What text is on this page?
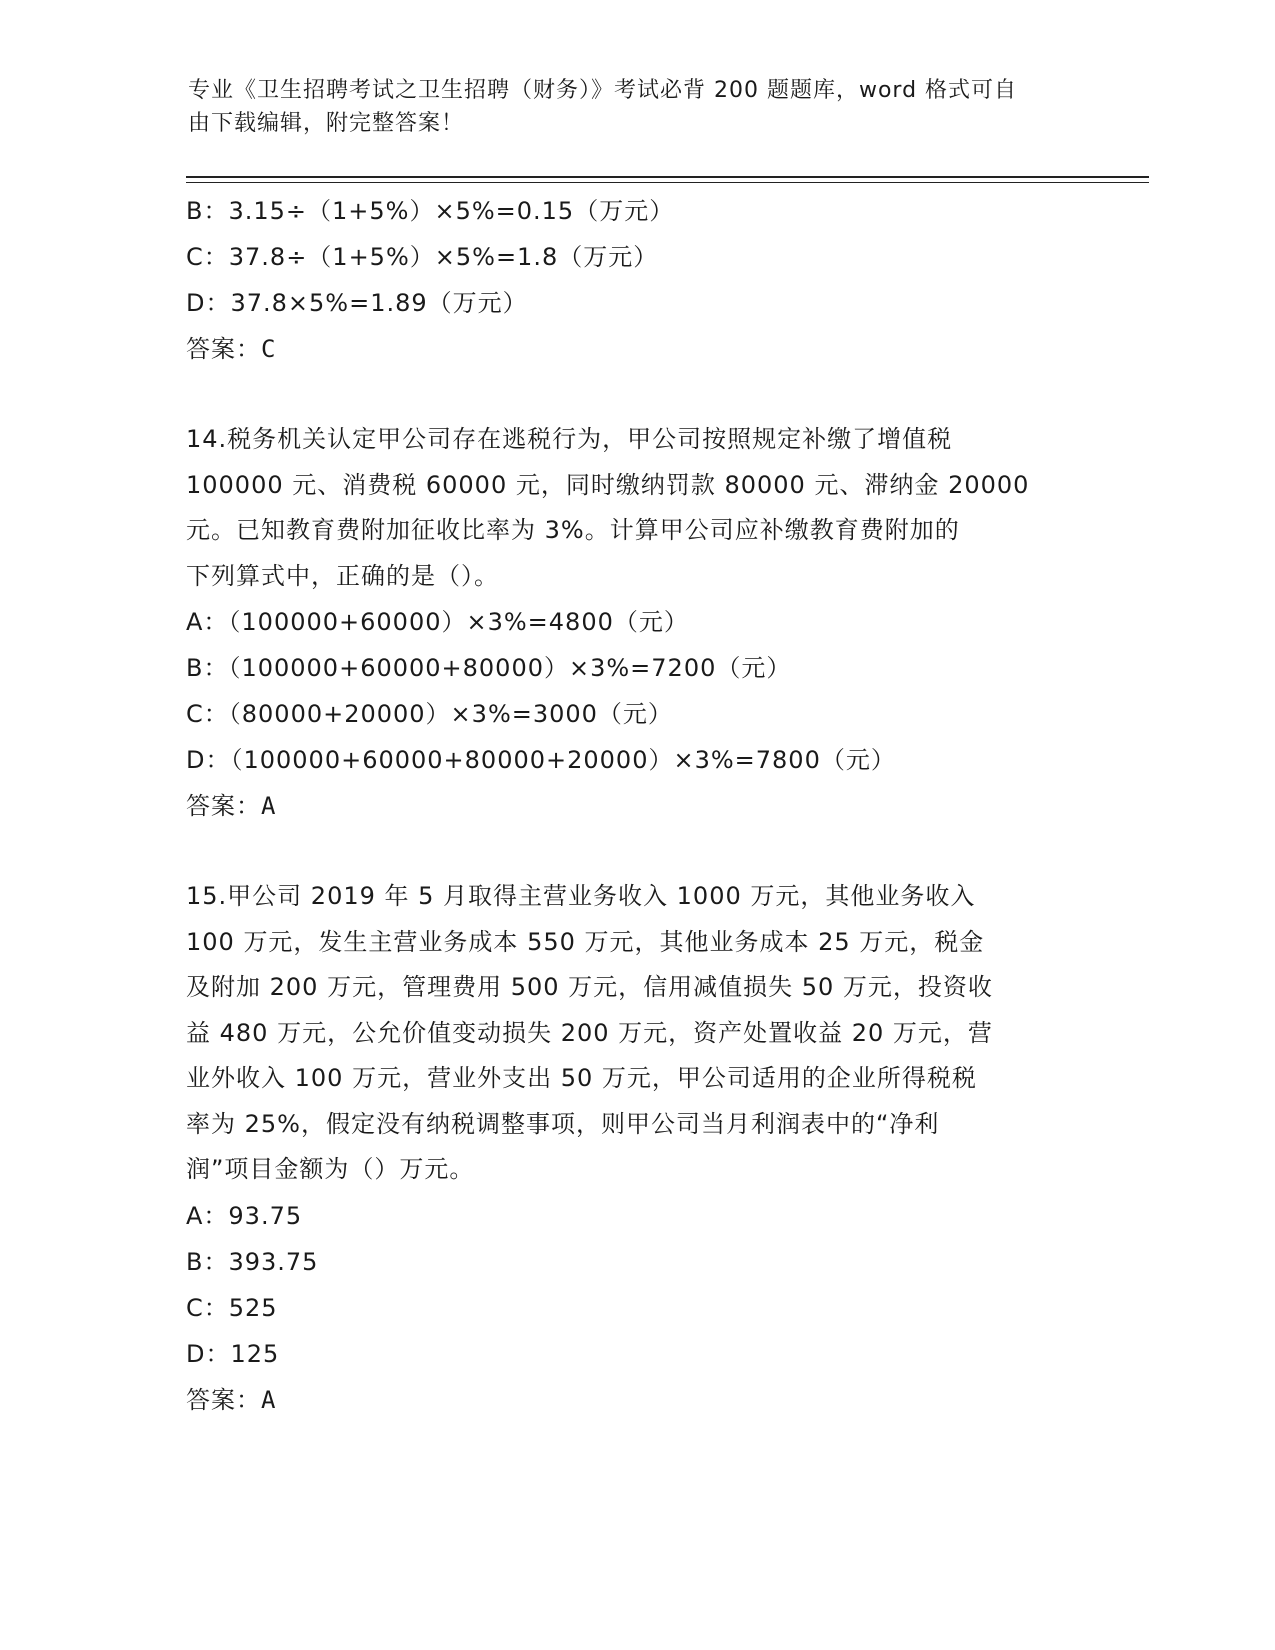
专业《卫生招聘考试之卫生招聘（财务）》考试必背 200 题题库，word 格式可自
由下载编辑，附完整答案！
B：3.15÷（1+5%）×5%=0.15（万元）
C：37.8÷（1+5%）×5%=1.8（万元）
D：37.8×5%=1.89（万元）
答案：C
14.税务机关认定甲公司存在逃税行为，甲公司按照规定补缴了增值税
100000 元、消费税 60000 元，同时缴纳罚款 80000 元、滞纳金 20000
元。已知教育费附加征收比率为 3%。计算甲公司应补缴教育费附加的
下列算式中，正确的是（）。
A：（100000+60000）×3%=4800（元）
B：（100000+60000+80000）×3%=7200（元）
C：（80000+20000）×3%=3000（元）
D：（100000+60000+80000+20000）×3%=7800（元）
答案：A
15.甲公司 2019 年 5 月取得主营业务收入 1000 万元，其他业务收入
100 万元，发生主营业务成本 550 万元，其他业务成本 25 万元，税金
及附加 200 万元，管理费用 500 万元，信用减值损失 50 万元，投资收
益 480 万元，公允价值变动损失 200 万元，资产处置收益 20 万元，营
业外收入 100 万元，营业外支出 50 万元，甲公司适用的企业所得税税
率为 25%，假定没有纳税调整事项，则甲公司当月利润表中的“净利
润”项目金额为（）万元。
A：93.75
B：393.75
C：525
D：125
答案：A
